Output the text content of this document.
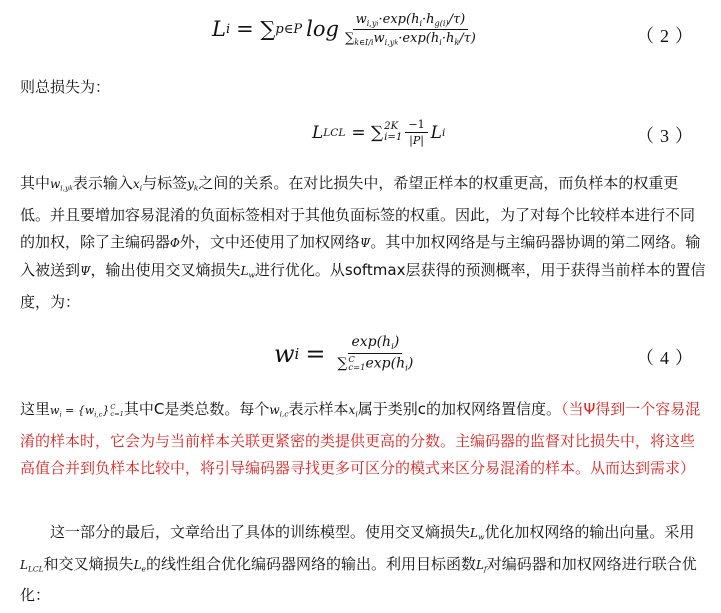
L i = ∑ p∈P $\log \frac{w_{i,yi}\cdot\exp(h_i\cdot h_{g(i)}/\tau)}{\sum_{k\in I/i}w_{i,yk}\cdot\exp(h_i\cdot h_k/\tau)}$	（2）
则总损失为：
L LCL = ∑ 2K
$i=1 \frac{-1}{|P|}$ L i	（3）
其中$w_{i,yk}$表示输入$x_i$与标签$y_k$之间的关系。在对比损失中，希望正样本的权重更高，而负样本的权重更低。并且要增加容易混淆的负面标签相对于其他负面标签的权重。因此，为了对每个比较样本进行不同的加权，除了主编码器Φ外，文中还使用了加权网络Ψ。其中加权网络是与主编码器协调的第二网络。输入被送到Ψ，输出使用交叉熵损失$L_w$进行优化。从softmax层获得的预测概率，用于获得当前样本的置信度，为：
w $i = \exp(h_i)$
∑ C
c=1 $\exp(h_i)$	（4）
这里$w_i = \{w_{i,c}\}$ C
c=1 其中C是类总数。每个$w_{i,c}$表示样本$x_i$属于类别c的加权网络置信度。（当Ψ得到一个容易混淆的样本时，它会为与当前样本关联更紧密的类提供更高的分数。主编码器的监督对比损失中，将这些高值合并到负样本比较中，将引导编码器寻找更多可区分的模式来区分易混淆的样本。从而达到需求）
这一部分的最后，文章给出了具体的训练模型。使用交叉熵损失$L_w$优化加权网络的输出向量。采用$L_{LCL}$和交叉熵损失$L_e$的线性组合优化编码器网络的输出。利用目标函数$L_f$对编码器和加权网络进行联合优化：
